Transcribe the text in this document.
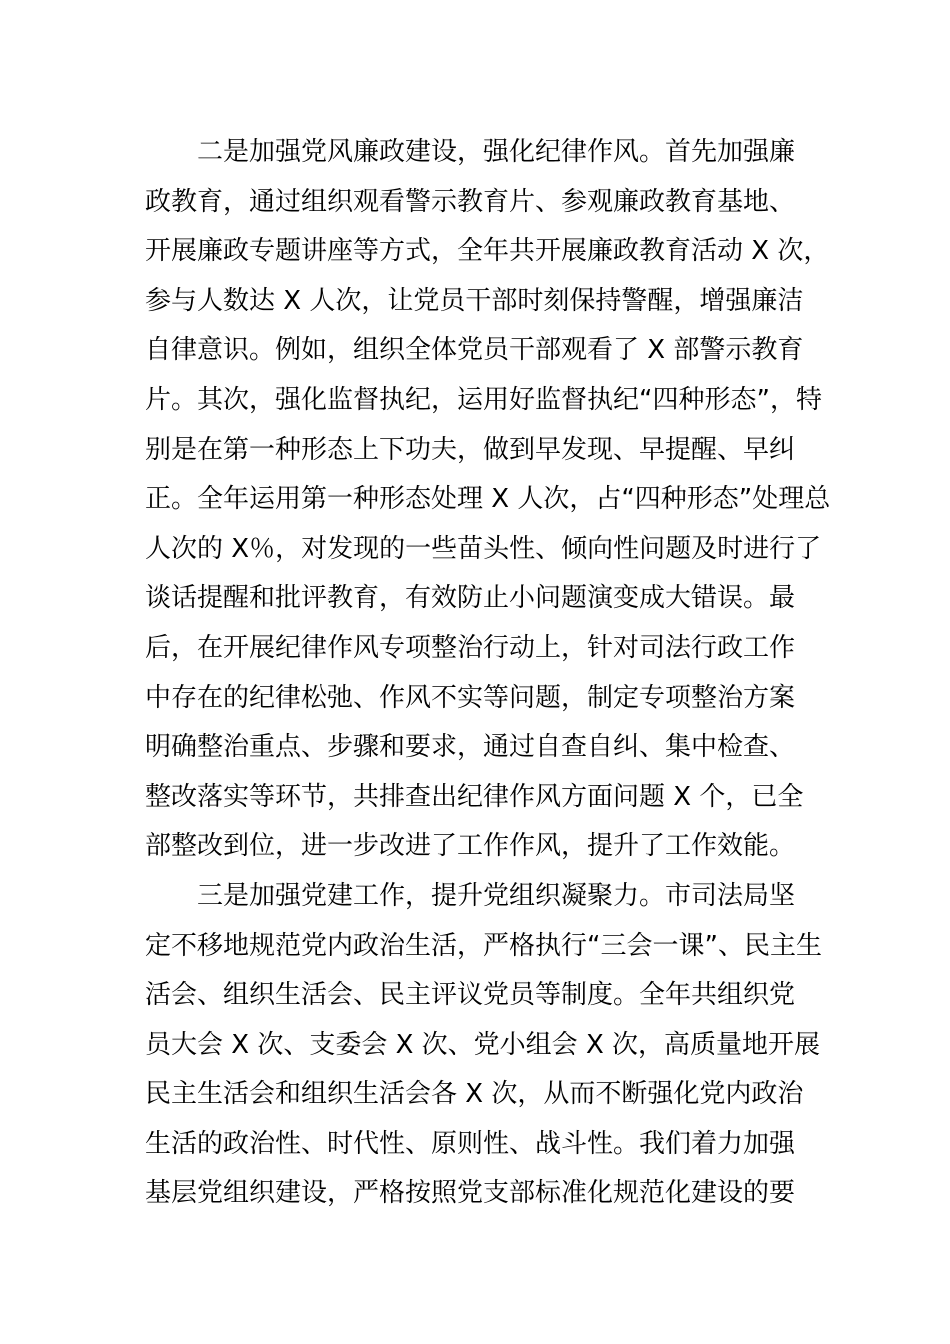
二是加强党风廉政建设，强化纪律作风。首先加强廉
政教育，通过组织观看警示教育片、参观廉政教育基地、
开展廉政专题讲座等方式，全年共开展廉政教育活动 X 次，
参与人数达 X 人次，让党员干部时刻保持警醒，增强廉洁
自律意识。例如，组织全体党员干部观看了 X 部警示教育
片。其次，强化监督执纪，运用好监督执纪“四种形态”，特
别是在第一种形态上下功夫，做到早发现、早提醒、早纠
正。全年运用第一种形态处理 X 人次，占“四种形态”处理总
人次的 X％，对发现的一些苗头性、倾向性问题及时进行了
谈话提醒和批评教育，有效防止小问题演变成大错误。最
后，在开展纪律作风专项整治行动上，针对司法行政工作
中存在的纪律松弛、作风不实等问题，制定专项整治方案
明确整治重点、步骤和要求，通过自查自纠、集中检查、
整改落实等环节，共排查出纪律作风方面问题 X 个，已全
部整改到位，进一步改进了工作作风，提升了工作效能。

三是加强党建工作，提升党组织凝聚力。市司法局坚
定不移地规范党内政治生活，严格执行“三会一课”、民主生
活会、组织生活会、民主评议党员等制度。全年共组织党
员大会 X 次、支委会 X 次、党小组会 X 次，高质量地开展
民主生活会和组织生活会各 X 次，从而不断强化党内政治
生活的政治性、时代性、原则性、战斗性。我们着力加强
基层党组织建设，严格按照党支部标准化规范化建设的要
